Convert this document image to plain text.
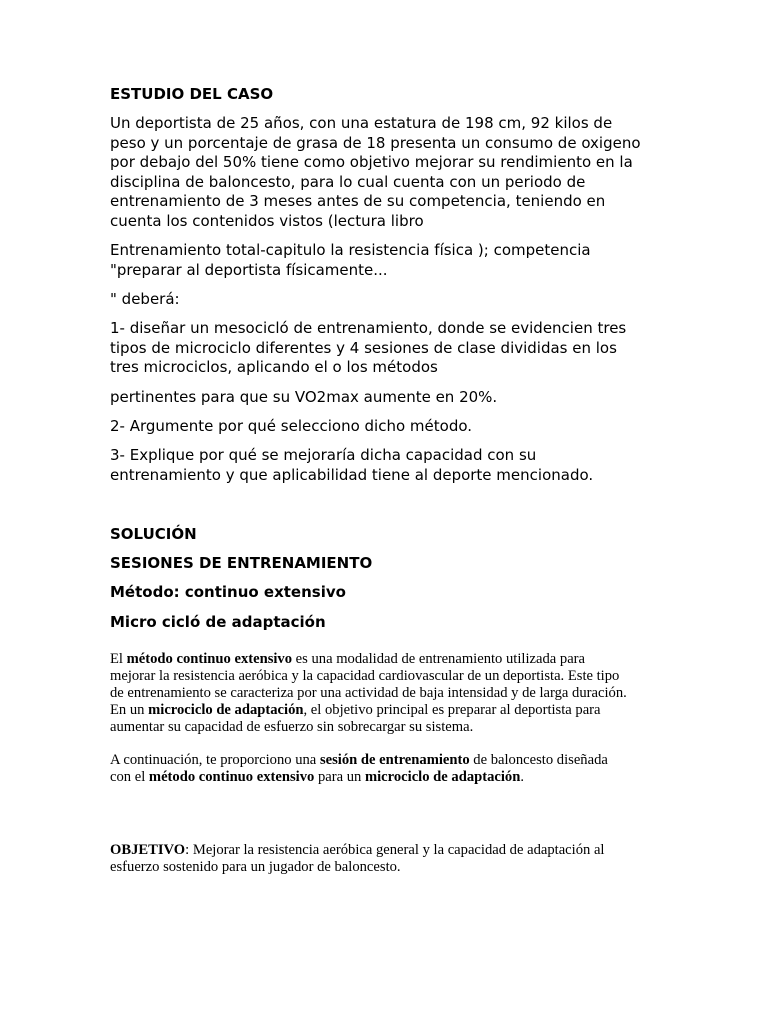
ESTUDIO DEL CASO

Un deportista de 25 años, con una estatura de 198 cm, 92 kilos de
peso y un porcentaje de grasa de 18 presenta un consumo de oxigeno
por debajo del 50% tiene como objetivo mejorar su rendimiento en la
disciplina de baloncesto, para lo cual cuenta con un periodo de
entrenamiento de 3 meses antes de su competencia, teniendo en
cuenta los contenidos vistos (lectura libro

Entrenamiento total-capitulo la resistencia física ); competencia
"preparar al deportista físicamente...

" deberá:

1- diseñar un mesocicló de entrenamiento, donde se evidencien tres
tipos de microciclo diferentes y 4 sesiones de clase divididas en los
tres microciclos, aplicando el o los métodos

pertinentes para que su VO2max aumente en 20%.

2- Argumente por qué selecciono dicho método.

3- Explique por qué se mejoraría dicha capacidad con su
entrenamiento y que aplicabilidad tiene al deporte mencionado.

SOLUCIÓN

SESIONES DE ENTRENAMIENTO

Método: continuo extensivo

Micro cicló de adaptación

El método continuo extensivo es una modalidad de entrenamiento utilizada para
mejorar la resistencia aeróbica y la capacidad cardiovascular de un deportista. Este tipo
de entrenamiento se caracteriza por una actividad de baja intensidad y de larga duración.
En un microciclo de adaptación, el objetivo principal es preparar al deportista para
aumentar su capacidad de esfuerzo sin sobrecargar su sistema.

A continuación, te proporciono una sesión de entrenamiento de baloncesto diseñada
con el método continuo extensivo para un microciclo de adaptación.

OBJETIVO: Mejorar la resistencia aeróbica general y la capacidad de adaptación al
esfuerzo sostenido para un jugador de baloncesto.
